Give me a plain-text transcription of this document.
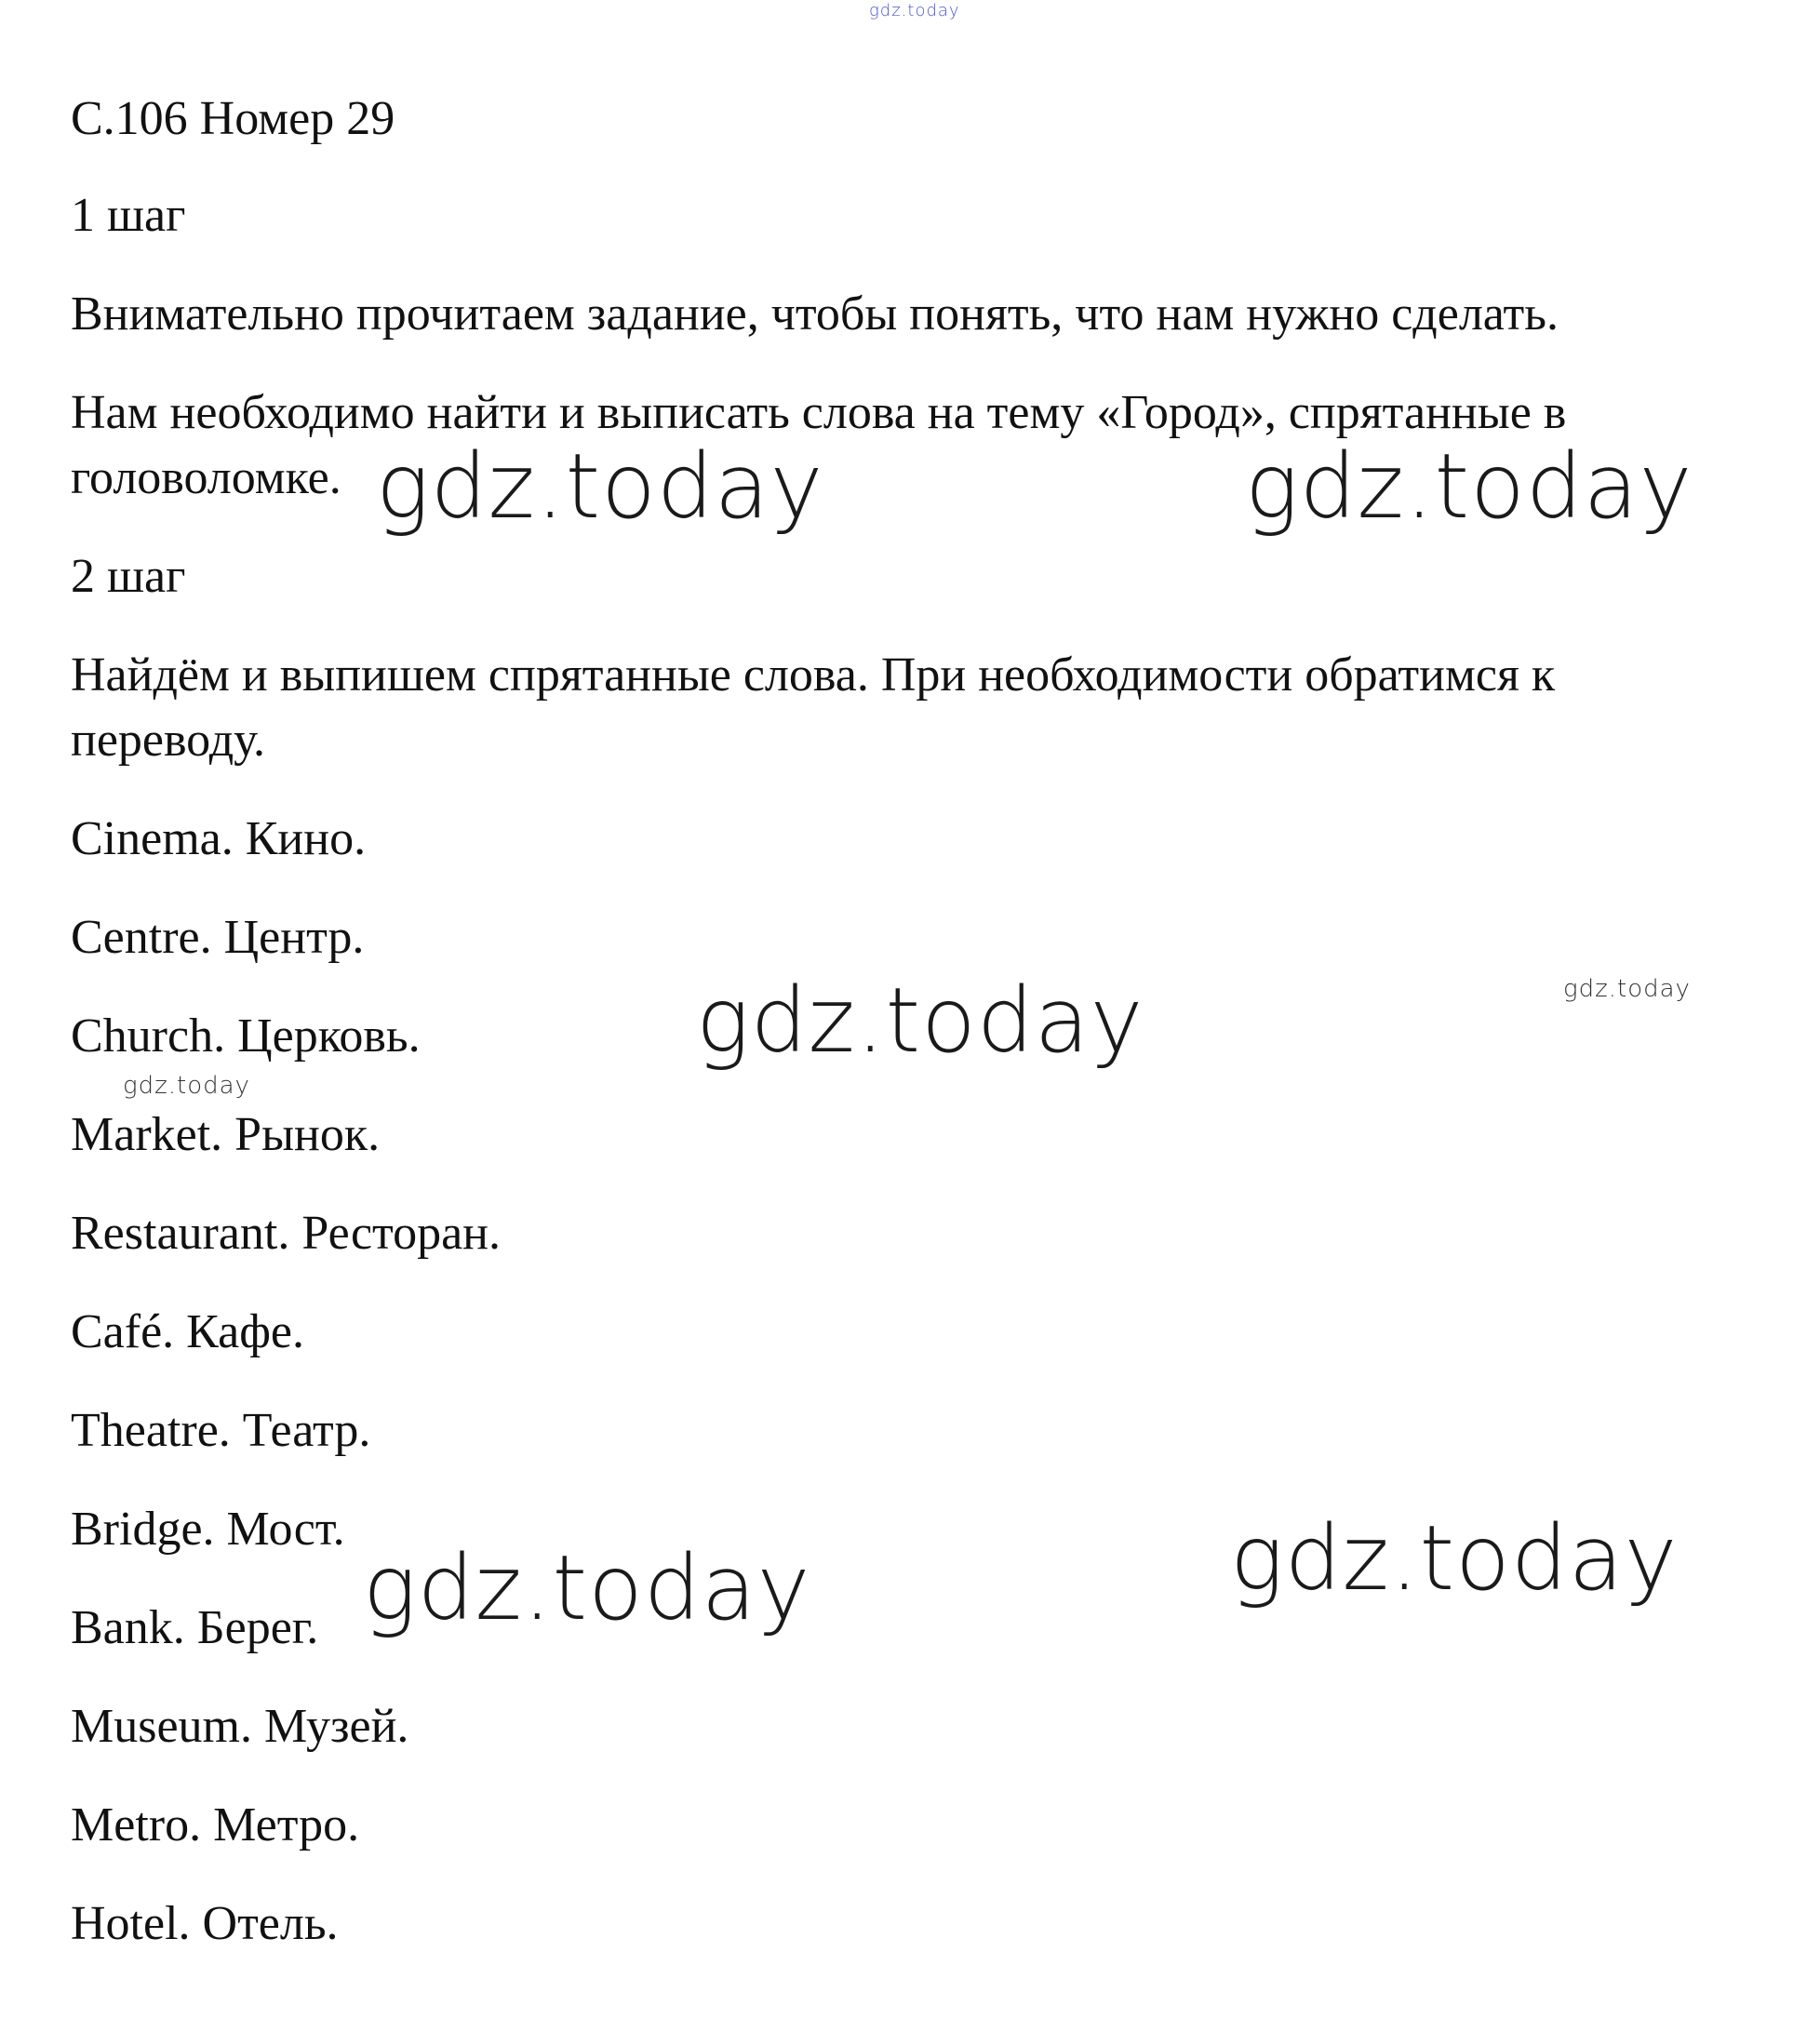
gdz.today

С.106 Номер 29

1 шаг

Внимательно прочитаем задание, чтобы понять, что нам нужно сделать.

Нам необходимо найти и выписать слова на тему «Город», спрятанные в

головоломке.

2 шаг

Найдём и выпишем спрятанные слова. При необходимости обратимся к

переводу.

Cinema. Кино.

Centre. Центр.

Church. Церковь.

Market. Рынок.

Restaurant. Ресторан.

Café. Кафе.

Theatre. Театр.

Bridge. Мост.

Bank. Берег.

Museum. Музей.

Metro. Метро.

Hotel. Отель.

gdz.today	gdz.today
gdz.today
gdz.today	gdz.today
gdz.today
gdz.today
